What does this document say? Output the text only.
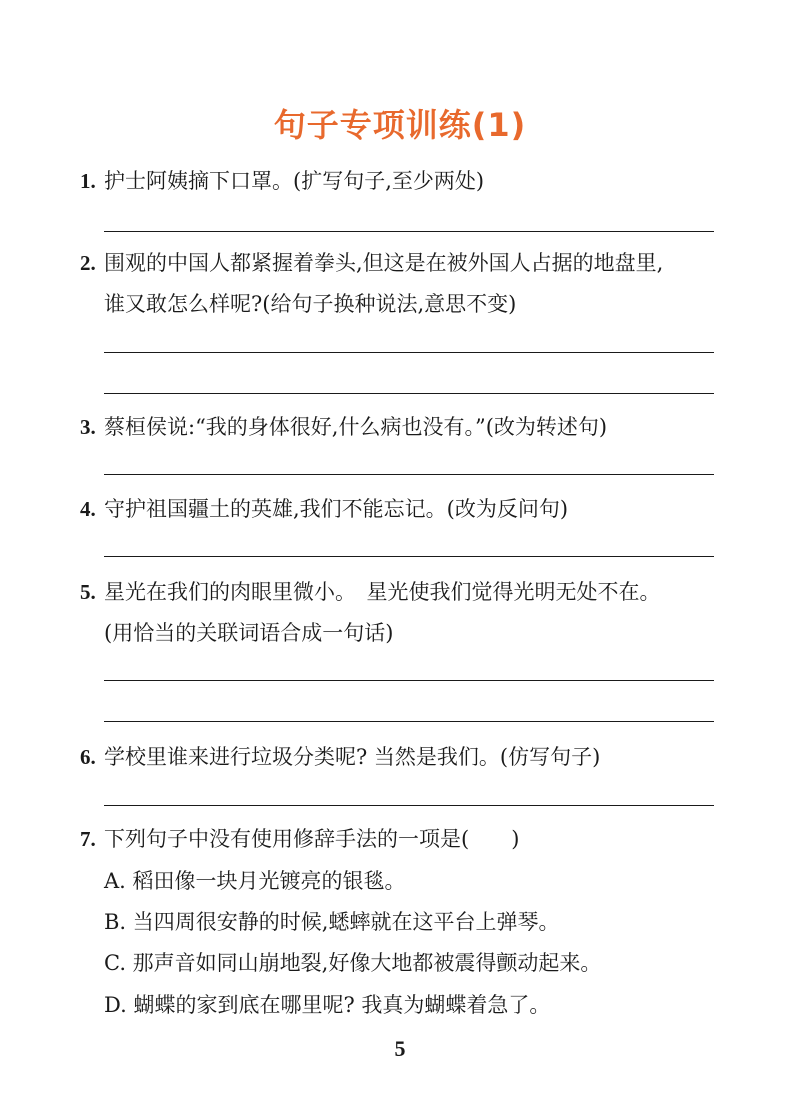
句子专项训练(1)
1. 护士阿姨摘下口罩。(扩写句子,至少两处)
2. 围观的中国人都紧握着拳头,但这是在被外国人占据的地盘里,
谁又敢怎么样呢?(给句子换种说法,意思不变)
3. 蔡桓侯说:“我的身体很好,什么病也没有。”(改为转述句)
4. 守护祖国疆土的英雄,我们不能忘记。(改为反问句)
5. 星光在我们的肉眼里微小。　星光使我们觉得光明无处不在。
(用恰当的关联词语合成一句话)
6. 学校里谁来进行垃圾分类呢? 当然是我们。(仿写句子)
7. 下列句子中没有使用修辞手法的一项是(　　)
A. 稻田像一块月光镀亮的银毯。
B. 当四周很安静的时候,蟋蟀就在这平台上弹琴。
C. 那声音如同山崩地裂,好像大地都被震得颤动起来。
D. 蝴蝶的家到底在哪里呢? 我真为蝴蝶着急了。
5
